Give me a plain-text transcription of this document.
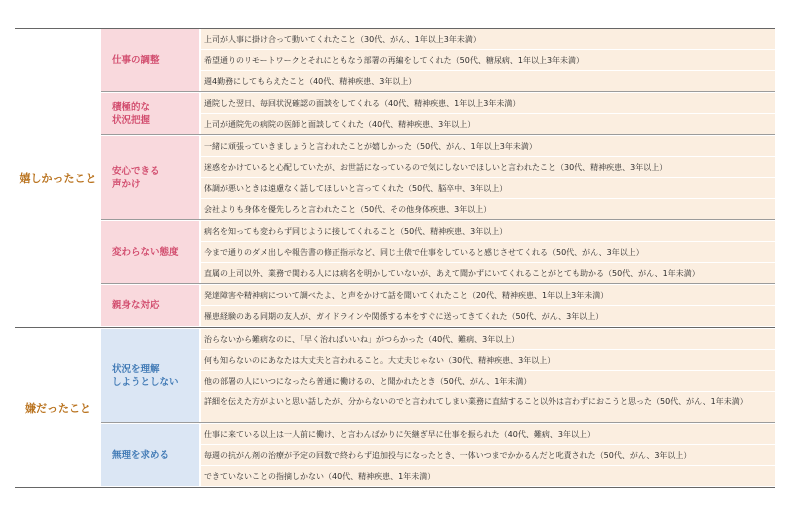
上司が人事に掛け合って動いてくれたこと（30代、がん、1年以上3年未満）
希望通りのリモートワークとそれにともなう部署の再編をしてくれた（50代、糖尿病、1年以上3年未満）
週4勤務にしてもらえたこと（40代、精神疾患、3年以上）
仕事の調整
通院した翌日、毎回状況確認の面談をしてくれる（40代、精神疾患、1年以上3年未満）
上司が通院先の病院の医師と面談してくれた（40代、精神疾患、3年以上）
積極的な
状況把握
一緒に頑張っていきましょうと言われたことが嬉しかった（50代、がん、1年以上3年未満）
迷惑をかけていると心配していたが、お世話になっているので気にしないでほしいと言われたこと（30代、精神疾患、3年以上）
体調が悪いときは遠慮なく話してほしいと言ってくれた（50代、脳卒中、3年以上）
会社よりも身体を優先しろと言われたこと（50代、その他身体疾患、3年以上）
安心できる
声かけ
病名を知っても変わらず同じように接してくれること（50代、精神疾患、3年以上）
今まで通りのダメ出しや報告書の修正指示など、同じ土俵で仕事をしていると感じさせてくれる（50代、がん、3年以上）
直属の上司以外、業務で関わる人には病名を明かしていないが、あえて聞かずにいてくれることがとても助かる（50代、がん、1年未満）
変わらない態度
発達障害や精神病について調べたよ、と声をかけて話を聞いてくれたこと（20代、精神疾患、1年以上3年未満）
罹患経験のある同期の友人が、ガイドラインや関係する本をすぐに送ってきてくれた（50代、がん、3年以上）
親身な対応
嬉しかったこと
治らないから難病なのに、「早く治ればいいね」がつらかった（40代、難病、3年以上）
何も知らないのにあなたは大丈夫と言われること。大丈夫じゃない（30代、精神疾患、3年以上）
他の部署の人にいつになったら普通に働けるの、と聞かれたとき（50代、がん、1年未満）
詳細を伝えた方がよいと思い話したが、分からないのでと言われてしまい業務に直結すること以外は言わずにおこうと思った（50代、がん、1年未満）
状況を理解
しようとしない
仕事に来ている以上は一人前に働け、と言わんばかりに矢継ぎ早に仕事を振られた（40代、難病、3年以上）
毎週の抗がん剤の治療が予定の回数で終わらず追加投与になったとき、一体いつまでかかるんだと叱責された（50代、がん、3年以上）
できていないことの指摘しかない（40代、精神疾患、1年未満）
無理を求める
嫌だったこと
